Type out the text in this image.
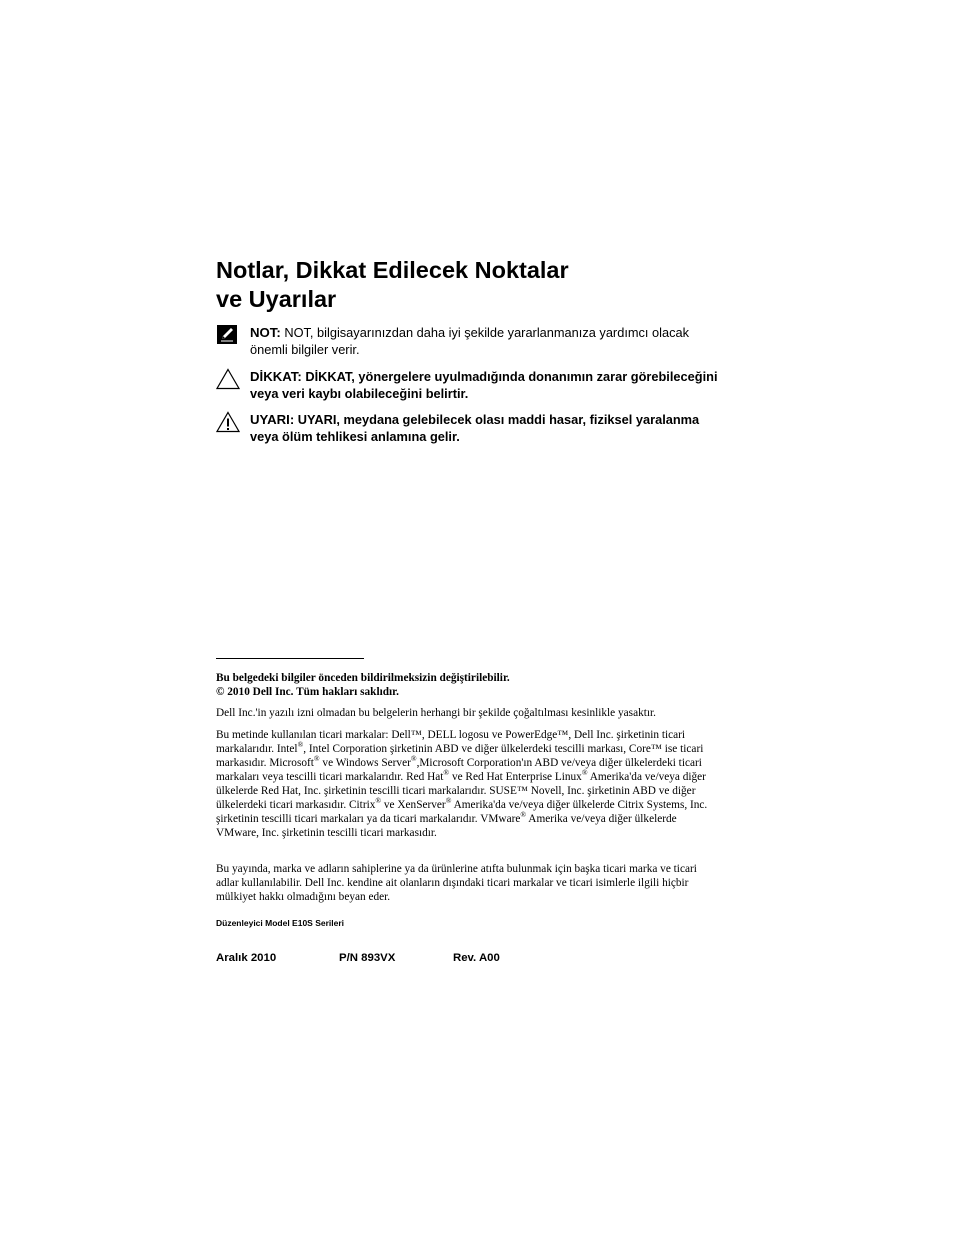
Notlar, Dikkat Edilecek Noktalar
ve Uyarılar
NOT: NOT, bilgisayarınızdan daha iyi şekilde yararlanmanıza yardımcı olacak önemli bilgiler verir.
DİKKAT: DİKKAT, yönergelere uyulmadığında donanımın zarar görebileceğini veya veri kaybı olabileceğini belirtir.
UYARI: UYARI, meydana gelebilecek olası maddi hasar, fiziksel yaralanma veya ölüm tehlikesi anlamına gelir.
Bu belgedeki bilgiler önceden bildirilmeksizin değiştirilebilir.
© 2010 Dell Inc. Tüm hakları saklıdır.
Dell Inc.'in yazılı izni olmadan bu belgelerin herhangi bir şekilde çoğaltılması kesinlikle yasaktır.
Bu metinde kullanılan ticari markalar: Dell™, DELL logosu ve PowerEdge™, Dell Inc. şirketinin ticari markalarıdır. Intel®, Intel Corporation şirketinin ABD ve diğer ülkelerdeki tescilli markası, Core™ ise ticari markasıdır. Microsoft® ve Windows Server®,Microsoft Corporation'ın ABD ve/veya diğer ülkelerdeki ticari markaları veya tescilli ticari markalarıdır. Red Hat® ve Red Hat Enterprise Linux® Amerika'da ve/veya diğer ülkelerde Red Hat, Inc. şirketinin tescilli ticari markalarıdır. SUSE™ Novell, Inc. şirketinin ABD ve diğer ülkelerdeki ticari markasıdır. Citrix® ve XenServer® Amerika'da ve/veya diğer ülkelerde Citrix Systems, Inc. şirketinin tescilli ticari markaları ya da ticari markalarıdır. VMware® Amerika ve/veya diğer ülkelerde VMware, Inc. şirketinin tescilli ticari markasıdır.
Bu yayında, marka ve adların sahiplerine ya da ürünlerine atıfta bulunmak için başka ticari marka ve ticari adlar kullanılabilir. Dell Inc. kendine ait olanların dışındaki ticari markalar ve ticari isimlerle ilgili hiçbir mülkiyet hakkı olmadığını beyan eder.
Düzenleyici Model E10S Serileri
Aralık 2010	P/N 893VX	Rev. A00
